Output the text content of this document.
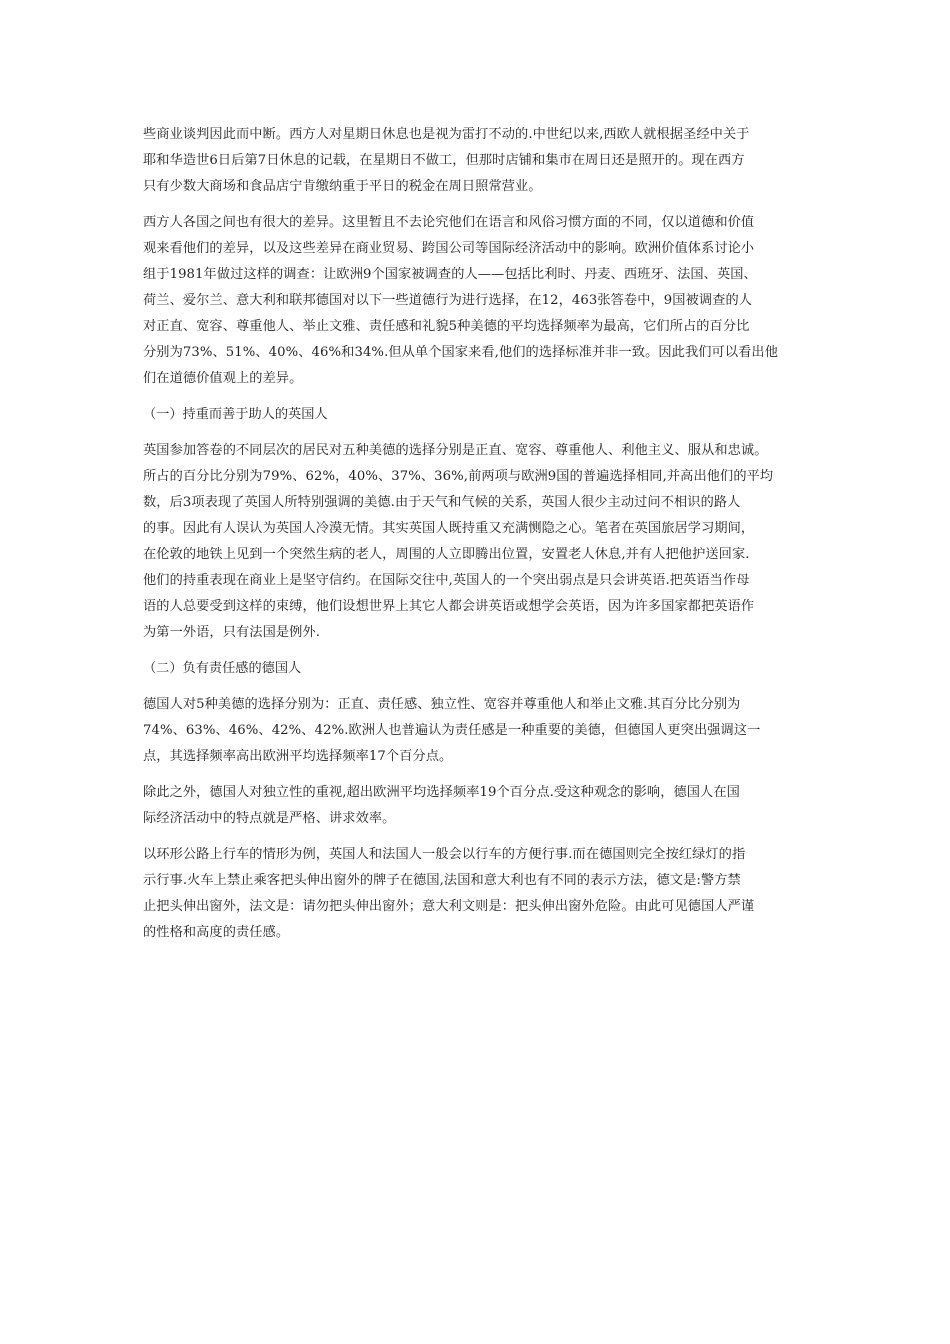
些商业谈判因此而中断。西方人对星期日休息也是视为雷打不动的.中世纪以来,西欧人就根据圣经中关于
耶和华造世6日后第7日休息的记载，在星期日不做工，但那时店铺和集市在周日还是照开的。现在西方
只有少数大商场和食品店宁肯缴纳重于平日的税金在周日照常营业。
西方人各国之间也有很大的差异。这里暂且不去论究他们在语言和风俗习惯方面的不同，仅以道德和价值
观来看他们的差异，以及这些差异在商业贸易、跨国公司等国际经济活动中的影响。欧洲价值体系讨论小
组于1981年做过这样的调查：让欧洲9个国家被调查的人——包括比利时、丹麦、西班牙、法国、英国、
荷兰、爱尔兰、意大利和联邦德国对以下一些道德行为进行选择，在12，463张答卷中，9国被调查的人
对正直、宽容、尊重他人、举止文雅、责任感和礼貌5种美德的平均选择频率为最高，它们所占的百分比
分别为73%、51%、40%、46%和34%.但从单个国家来看,他们的选择标准并非一致。因此我们可以看出他
们在道德价值观上的差异。
（一）持重而善于助人的英国人
英国参加答卷的不同层次的居民对五种美德的选择分别是正直、宽容、尊重他人、利他主义、服从和忠诚。
所占的百分比分别为79%、62%，40%、37%、36%,前两项与欧洲9国的普遍选择相同,并高出他们的平均
数，后3项表现了英国人所特别强调的美德.由于天气和气候的关系，英国人很少主动过问不相识的路人
的事。因此有人误认为英国人冷漠无情。其实英国人既持重又充满恻隐之心。笔者在英国旅居学习期间，
在伦敦的地铁上见到一个突然生病的老人，周围的人立即腾出位置，安置老人休息,并有人把他护送回家.
他们的持重表现在商业上是坚守信约。在国际交往中,英国人的一个突出弱点是只会讲英语.把英语当作母
语的人总要受到这样的束缚，他们设想世界上其它人都会讲英语或想学会英语，因为许多国家都把英语作
为第一外语，只有法国是例外.
（二）负有责任感的德国人
德国人对5种美德的选择分别为：正直、责任感、独立性、宽容并尊重他人和举止文雅.其百分比分别为
74%、63%、46%、42%、42%.欧洲人也普遍认为责任感是一种重要的美德，但德国人更突出强调这一
点，其选择频率高出欧洲平均选择频率17个百分点。
除此之外，德国人对独立性的重视,超出欧洲平均选择频率19个百分点.受这种观念的影响，德国人在国
际经济活动中的特点就是严格、讲求效率。
以环形公路上行车的情形为例，英国人和法国人一般会以行车的方便行事.而在德国则完全按红绿灯的指
示行事.火车上禁止乘客把头伸出窗外的牌子在德国,法国和意大利也有不同的表示方法，德文是:警方禁
止把头伸出窗外，法文是：请勿把头伸出窗外；意大利文则是：把头伸出窗外危险。由此可见德国人严谨
的性格和高度的责任感。
